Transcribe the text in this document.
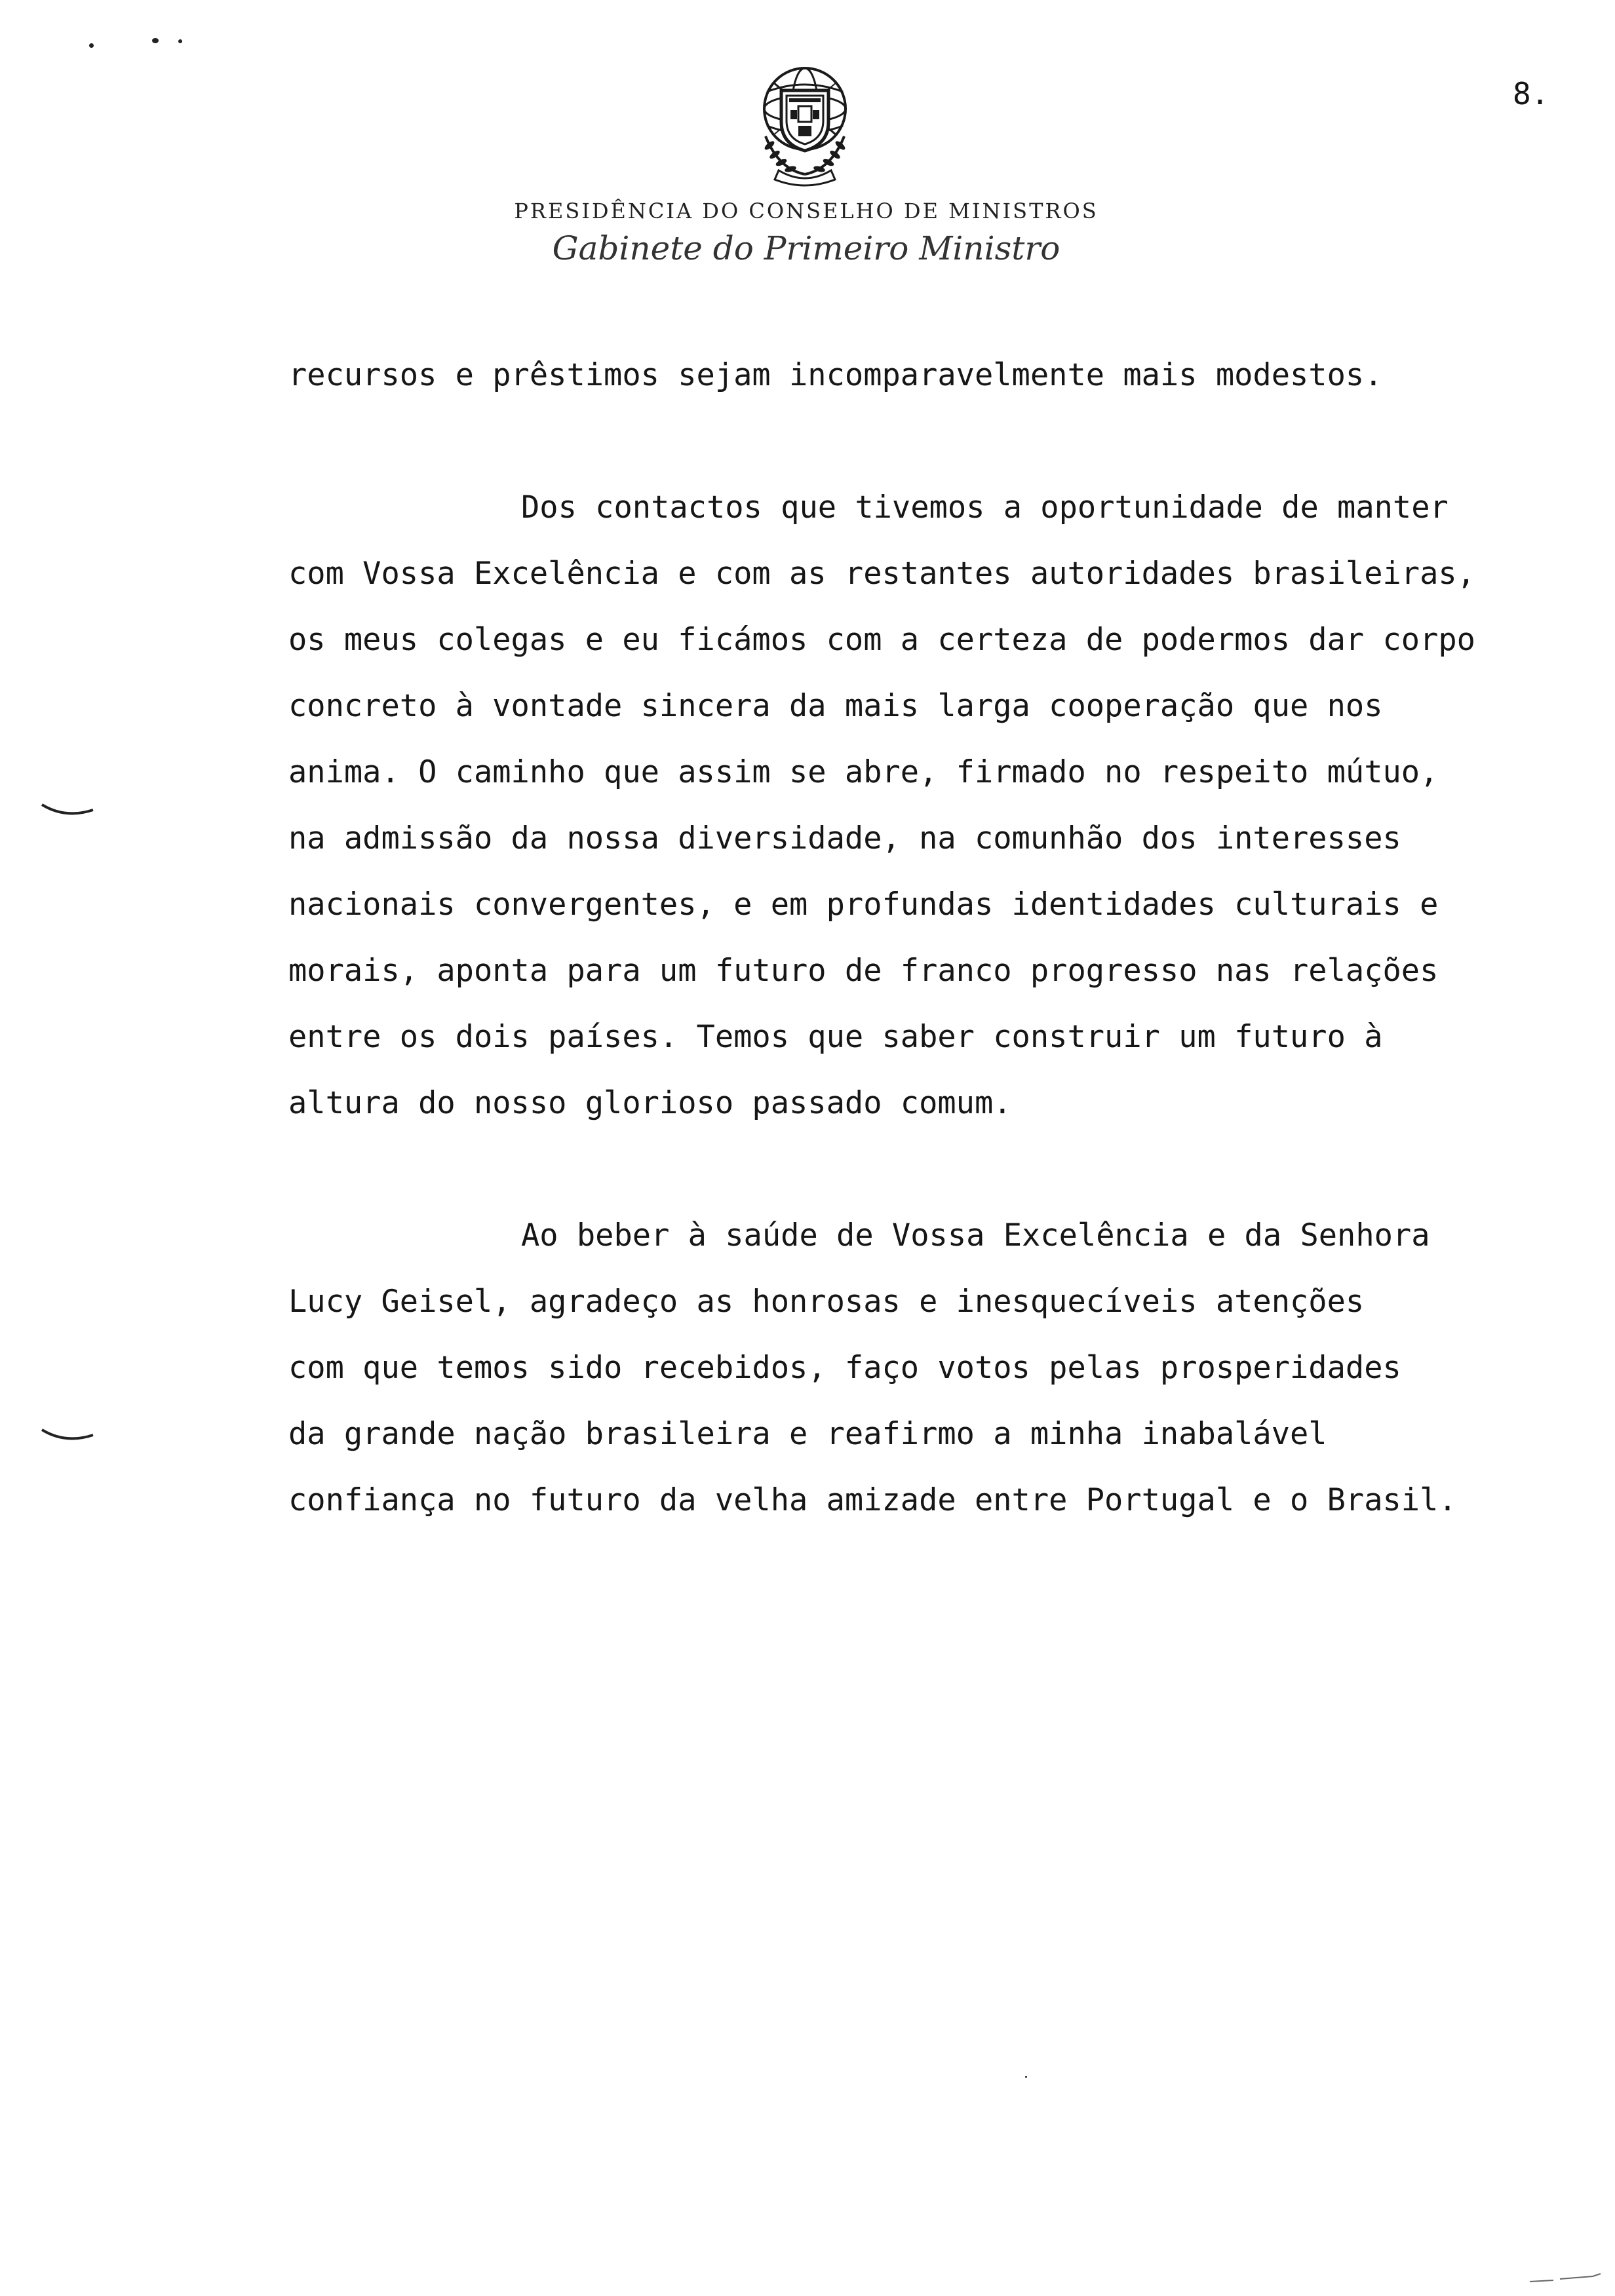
8.
PRESIDÊNCIA DO CONSELHO DE MINISTROS
Gabinete do Primeiro Ministro

recursos e prêstimos sejam incomparavelmente mais modestos.

Dos contactos que tivemos a oportunidade de manter
com Vossa Excelência e com as restantes autoridades brasileiras,
os meus colegas e eu ficámos com a certeza de podermos dar corpo
concreto à vontade sincera da mais larga cooperação que nos
anima. O caminho que assim se abre, firmado no respeito mútuo,
na admissão da nossa diversidade, na comunhão dos interesses
nacionais convergentes, e em profundas identidades culturais e
morais, aponta para um futuro de franco progresso nas relações
entre os dois países. Temos que saber construir um futuro à
altura do nosso glorioso passado comum.

Ao beber à saúde de Vossa Excelência e da Senhora
Lucy Geisel, agradeço as honrosas e inesquecíveis atenções
com que temos sido recebidos, faço votos pelas prosperidades
da grande nação brasileira e reafirmo a minha inabalável
confiança no futuro da velha amizade entre Portugal e o Brasil.
